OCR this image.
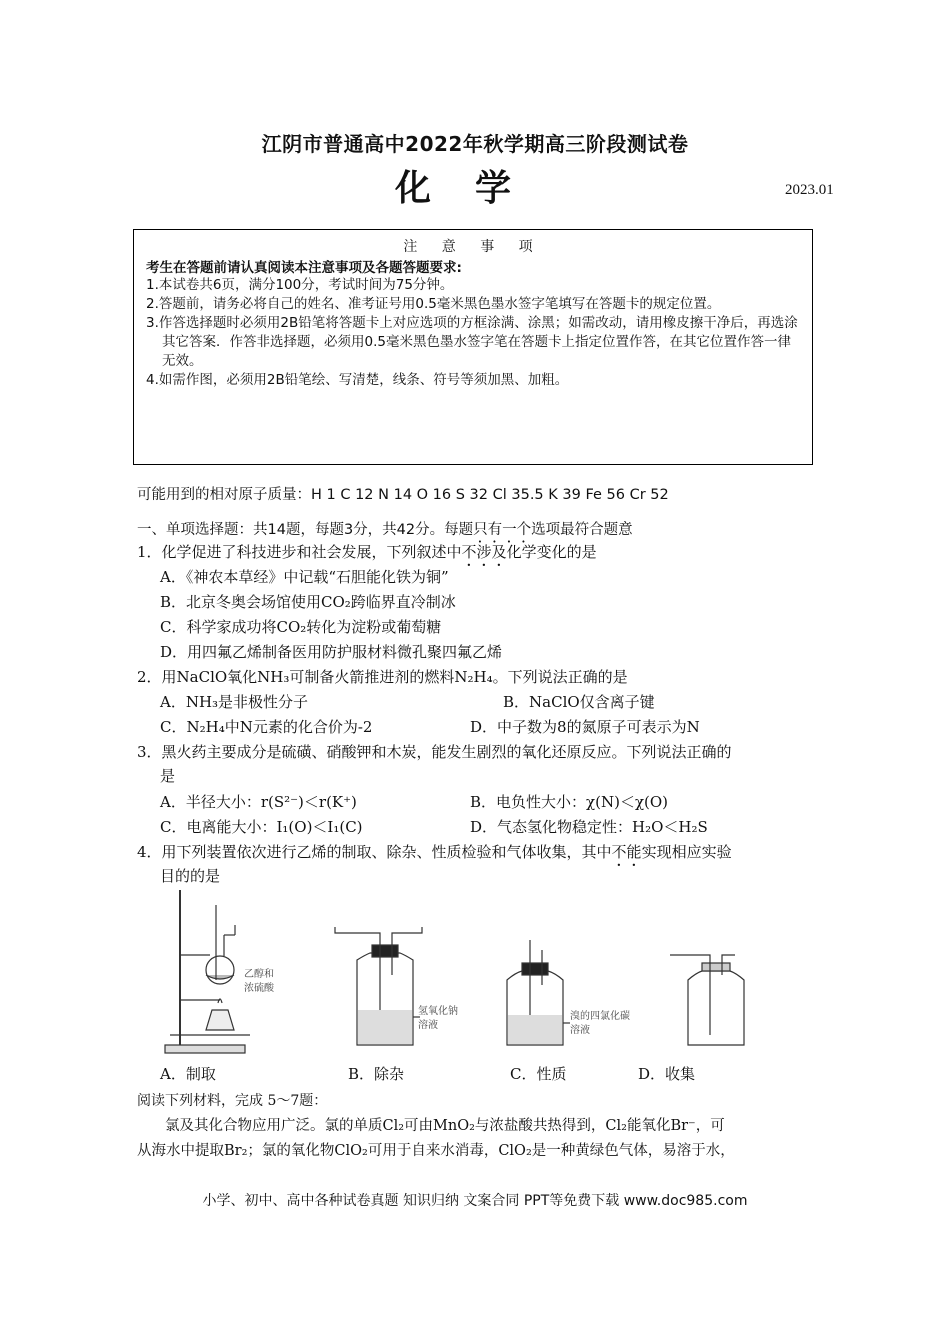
江阴市普通高中2022年秋学期高三阶段测试卷
化学	2023.01
注 意 事 项
考生在答题前请认真阅读本注意事项及各题答题要求:
1.本试卷共6页，满分100分，考试时间为75分钟。
2.答题前，请务必将自己的姓名、准考证号用0.5毫米黑色墨水签字笔填写在答题卡的规定位置。
3.作答选择题时必须用2B铅笔将答题卡上对应选项的方框涂满、涂黑；如需改动，请用橡皮擦干净后，再选涂其它答案．作答非选择题，必须用0.5毫米黑色墨水签字笔在答题卡上指定位置作答，在其它位置作答一律无效。
4.如需作图，必须用2B铅笔绘、写清楚，线条、符号等须加黑、加粗。
可能用到的相对原子质量：H 1 C 12 N 14 O 16 S 32 Cl 35.5 K 39 Fe 56 Cr 52
一、单项选择题：共14题，每题3分，共42分。每题只有一个选项最符合题意
1．化学促进了科技进步和社会发展，下列叙述中不涉及化学变化的是
A．《神农本草经》中记载“石胆能化铁为铜”
B．北京冬奥会场馆使用CO₂跨临界直冷制冰
C．科学家成功将CO₂转化为淀粉或葡萄糖
D．用四氟乙烯制备医用防护服材料微孔聚四氟乙烯
2．用NaClO氧化NH₃可制备火箭推进剂的燃料N₂H₄。下列说法正确的是
A．NH₃是非极性分子	B．NaClO仅含离子键
C．N₂H₄中N元素的化合价为-2	D．中子数为8的氮原子可表示为N
3．黑火药主要成分是硫磺、硝酸钾和木炭，能发生剧烈的氧化还原反应。下列说法正确的
是
A．半径大小：r(S²⁻)＜r(K⁺)	B．电负性大小：χ(N)＜χ(O)
C．电离能大小：I₁(O)＜I₁(C)	D．气态氢化物稳定性：H₂O＜H₂S
4．用下列装置依次进行乙烯的制取、除杂、性质检验和气体收集，其中不能实现相应实验
目的的是
乙醇和
浓硫酸
氢氧化钠
溶液
溴的四氯化碳
溶液
A．制取	B．除杂	C．性质	D．收集
阅读下列材料，完成 5～7题：
氯及其化合物应用广泛。氯的单质Cl₂可由MnO₂与浓盐酸共热得到，Cl₂能氧化Br⁻，可
从海水中提取Br₂；氯的氧化物ClO₂可用于自来水消毒，ClO₂是一种黄绿色气体，易溶于水，
小学、初中、高中各种试卷真题 知识归纳 文案合同 PPT等免费下载 www.doc985.com
